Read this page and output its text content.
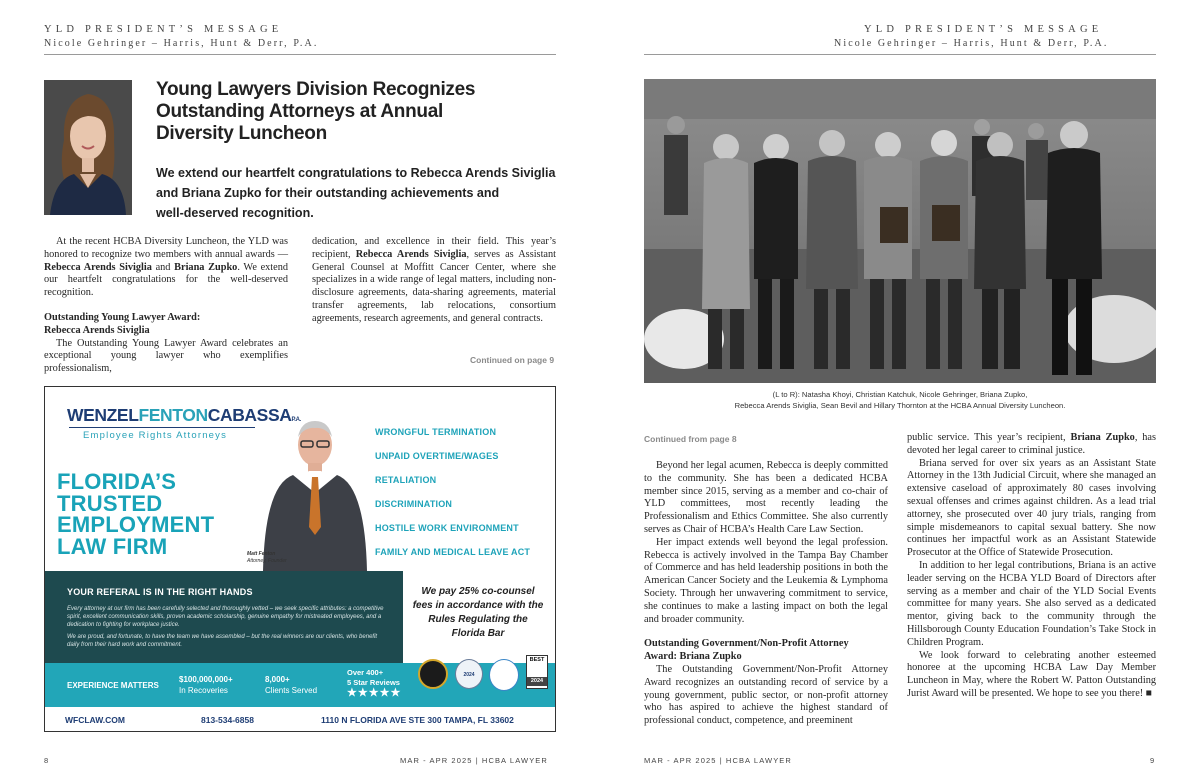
YLD PRESIDENT’S MESSAGE
Nicole Gehringer – Harris, Hunt & Derr, P.A.
Young Lawyers Division Recognizes
Outstanding Attorneys at Annual
Diversity Luncheon
We extend our heartfelt congratulations to Rebecca Arends Siviglia
and Briana Zupko for their outstanding achievements and
well-deserved recognition.

At the recent HCBA Diversity Luncheon, the YLD was honored to recognize two members with annual awards — Rebecca Arends Siviglia and Briana Zupko. We extend our heartfelt congratulations for the well-deserved recognition.

Outstanding Young Lawyer Award:

Rebecca Arends Siviglia

The Outstanding Young Lawyer Award celebrates an exceptional young lawyer who exemplifies professionalism,

dedication, and excellence in their field. This year’s recipient, Rebecca Arends Siviglia, serves as Assistant General Counsel at Moffitt Cancer Center, where she specializes in a wide range of legal matters, including non-disclosure agreements, data-sharing agreements, material transfer agreements, lab relocations, consortium agreements, research agreements, and general contracts.

Continued on page 9
WENZELFENTONCABASSAP.A.
Employee Rights Attorneys
FLORIDA’S
TRUSTED
EMPLOYMENT
LAW FIRM	Matt Fenton
Attorney, Founder
WRONGFUL TERMINATION
UNPAID OVERTIME/WAGES
RETALIATION
DISCRIMINATION
HOSTILE WORK ENVIRONMENT
FAMILY AND MEDICAL LEAVE ACT
YOUR REFERAL IS IN THE RIGHT HANDS
Every attorney at our firm has been carefully selected and thoroughly vetted – we seek specific attributes: a competitive spirit, excellent communication skills, proven academic scholarship, genuine empathy for mistreated employees, and a dedication to fighting for workplace justice.
We are proud, and fortunate, to have the team we have assembled – but the real winners are our clients, who benefit daily from their hard work and commitment.
We pay 25% co-counsel
fees in accordance with the
Rules Regulating the
Florida Bar
EXPERIENCE MATTERS
$100,000,000+
In Recoveries
8,000+
Clients Served
Over 400+
5 Star Reviews
★★★★★
2024
BEST
2024
WFCLAW.COM	813-534-6858	1110 N FLORIDA AVE STE 300 TAMPA, FL 33602
8	MAR - APR 2025 | HCBA LAWYER
YLD PRESIDENT’S MESSAGE
Nicole Gehringer – Harris, Hunt & Derr, P.A.
(L to R): Natasha Khoyi, Christian Katchuk, Nicole Gehringer, Briana Zupko,
Rebecca Arends Siviglia, Sean Bevil and Hillary Thornton at the HCBA Annual Diversity Luncheon.
Continued from page 8

Beyond her legal acumen, Rebecca is deeply committed to the community. She has been a dedicated HCBA member since 2015, serving as a member and co-chair of YLD committees, most recently leading the Professionalism and Ethics Committee. She also currently serves as Chair of HCBA’s Health Care Law Section.

Her impact extends well beyond the legal profession. Rebecca is actively involved in the Tampa Bay Chamber of Commerce and has held leadership positions in both the American Cancer Society and the Leukemia & Lymphoma Society. Through her unwavering commitment to service, she continues to make a lasting impact on both the legal and broader community.

Outstanding Government/Non-Profit Attorney

Award: Briana Zupko

The Outstanding Government/Non-Profit Attorney Award recognizes an outstanding record of service by a young government, public sector, or non-profit attorney who has aspired to achieve the highest standard of professional conduct, competence, and preeminent

public service. This year’s recipient, Briana Zupko, has devoted her legal career to criminal justice.

Briana served for over six years as an Assistant State Attorney in the 13th Judicial Circuit, where she managed an extensive caseload of approximately 80 cases involving sexual offenses and crimes against children. As a lead trial attorney, she prosecuted over 40 jury trials, ranging from simple misdemeanors to capital sexual battery. She now continues her impactful work as an Assistant Statewide Prosecutor at the Office of Statewide Prosecution.

In addition to her legal contributions, Briana is an active leader serving on the HCBA YLD Board of Directors after serving as a member and chair of the YLD Social Events committee for many years. She also served as a dedicated mentor, giving back to the community through the Hillsborough County Education Foundation’s Take Stock in Children Program.

We look forward to celebrating another esteemed honoree at the upcoming HCBA Law Day Member Luncheon in May, where the Robert W. Patton Outstanding Jurist Award will be presented. We hope to see you there! ■

MAR - APR 2025 | HCBA LAWYER	9
